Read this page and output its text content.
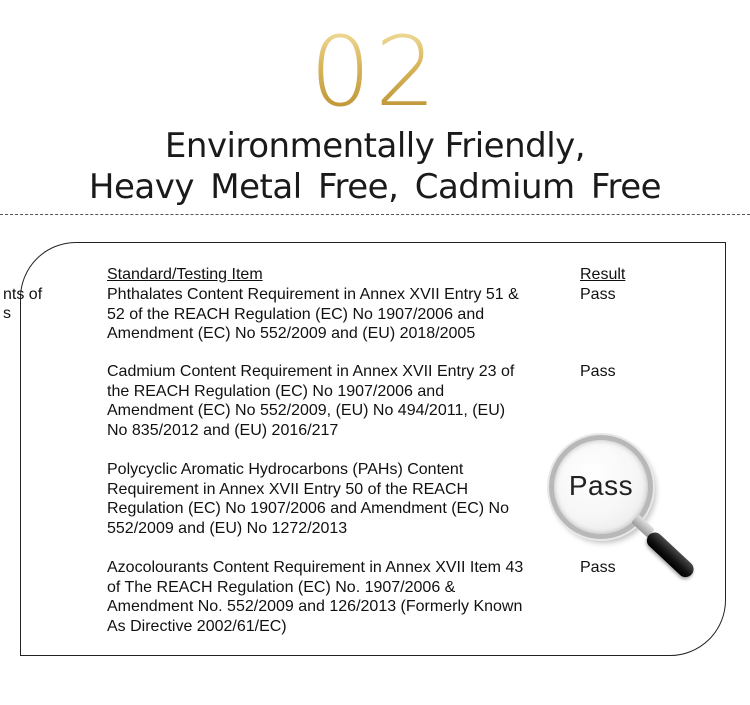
02
Environmentally Friendly,
Heavy Metal Free, Cadmium Free
nts of
s
Standard/Testing Item	Result
Phthalates Content Requirement in Annex XVII Entry 51 &
52 of the REACH Regulation (EC) No 1907/2006 and
Amendment (EC) No 552/2009 and (EU) 2018/2005
Pass
Cadmium Content Requirement in Annex XVII Entry 23 of
the REACH Regulation (EC) No 1907/2006 and
Amendment (EC) No 552/2009, (EU) No 494/2011, (EU)
No 835/2012 and (EU) 2016/217
Pass
Polycyclic Aromatic Hydrocarbons (PAHs) Content
Requirement in Annex XVII Entry 50 of the REACH
Regulation (EC) No 1907/2006 and Amendment (EC) No
552/2009 and (EU) No 1272/2013
Azocolourants Content Requirement in Annex XVII Item 43
of The REACH Regulation (EC) No. 1907/2006 &
Amendment No. 552/2009 and 126/2013 (Formerly Known
As Directive 2002/61/EC)
Pass
Pass
